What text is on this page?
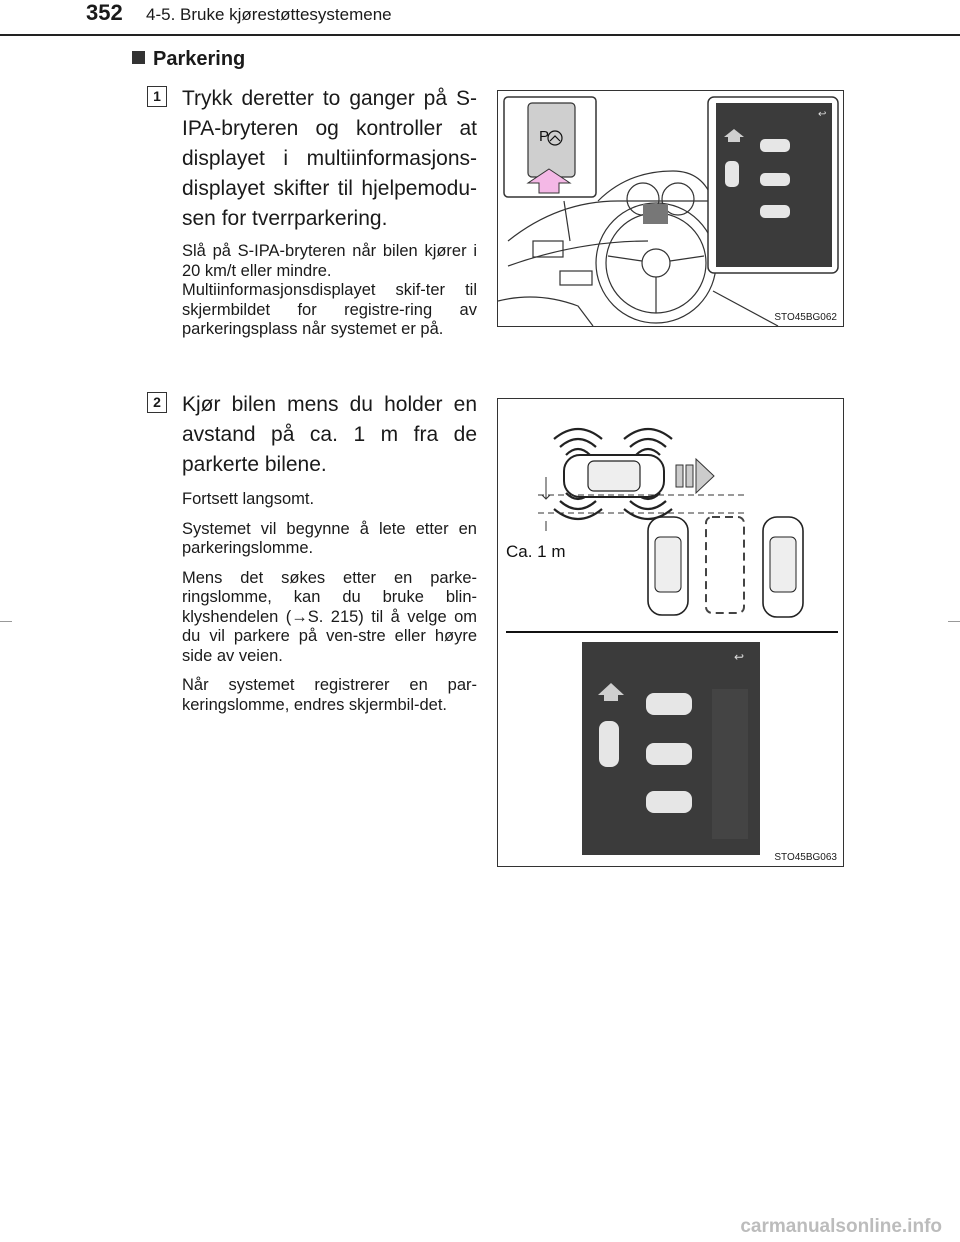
352 4-5. Bruke kjørestøttesystemene
Parkering
1 Trykk deretter to ganger på S-IPA-bryteren og kontroller at displayet i multiinformasjons-displayet skifter til hjelpemodu-sen for tverrparkering.

Slå på S-IPA-bryteren når bilen kjører i 20 km/t eller mindre.

Multiinformasjonsdisplayet skif-ter til skjermbildet for registre-ring av parkeringsplass når systemet er på.

2 Kjør bilen mens du holder en avstand på ca. 1 m fra de parkerte bilene.

Fortsett langsomt.

Systemet vil begynne å lete etter en parkeringslomme.

Mens det søkes etter en parke-ringslomme, kan du bruke blin-klyshendelen (→S. 215) til å velge om du vil parkere på ven-stre eller høyre side av veien.

Når systemet registrerer en par-keringslomme, endres skjermbil-det.

P
↩
STO45BG062
Ca. 1 m
↩
STO45BG063
carmanualsonline.info
